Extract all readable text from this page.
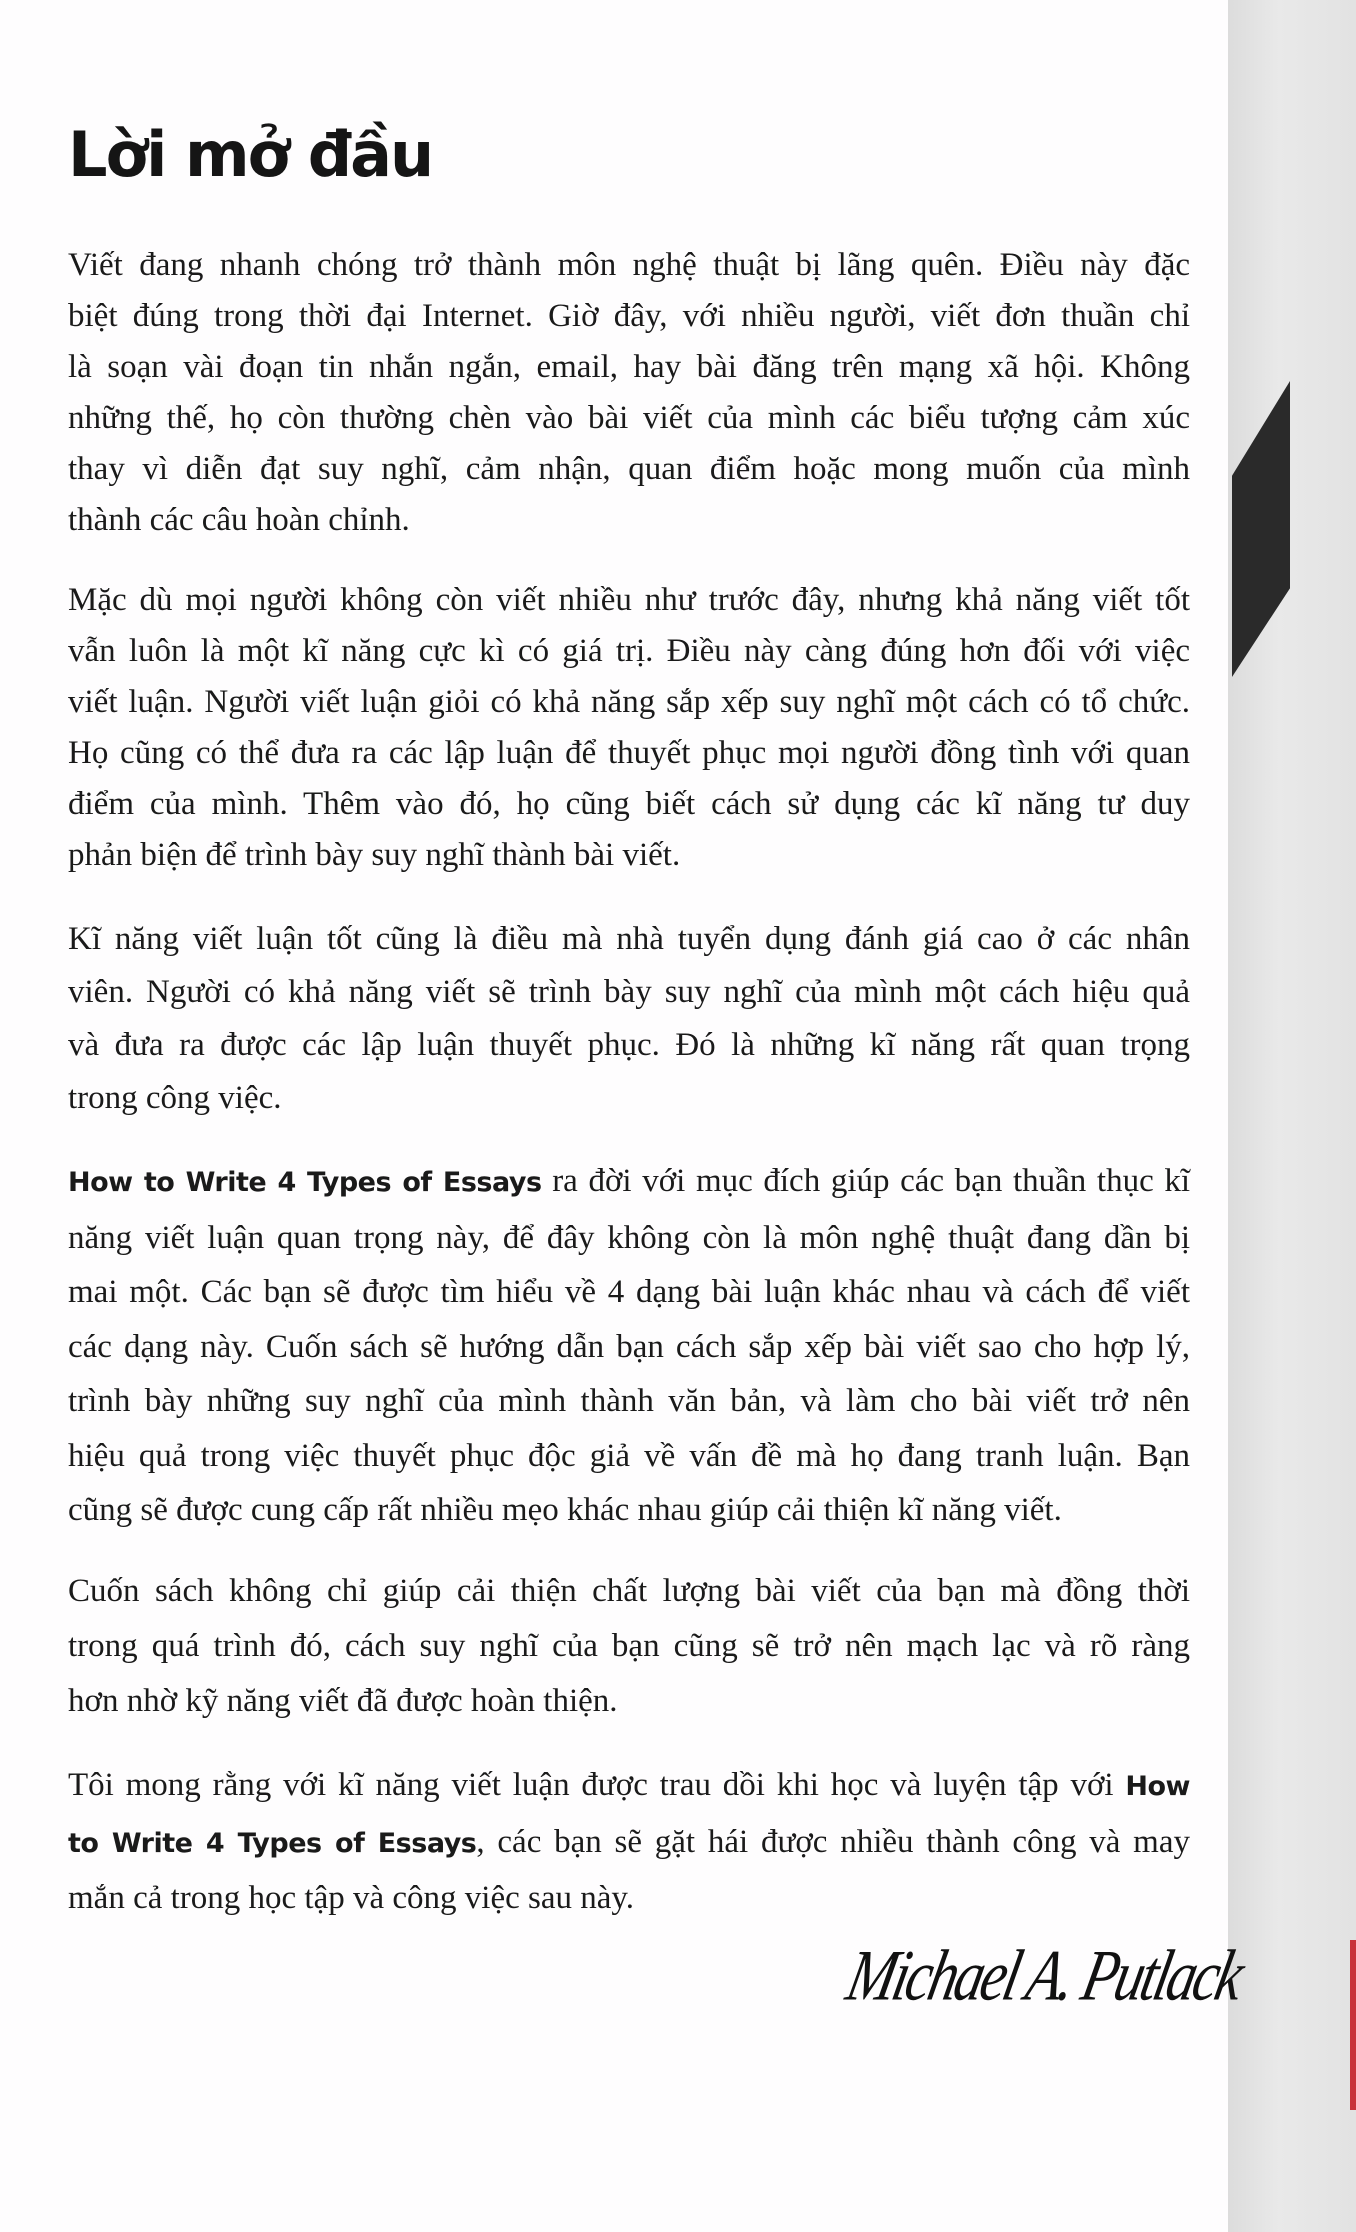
Lời mở đầu
Viết đang nhanh chóng trở thành môn nghệ thuật bị lãng quên. Điều này đặc
biệt đúng trong thời đại Internet. Giờ đây, với nhiều người, viết đơn thuần chỉ
là soạn vài đoạn tin nhắn ngắn, email, hay bài đăng trên mạng xã hội. Không
những thế, họ còn thường chèn vào bài viết của mình các biểu tượng cảm xúc
thay vì diễn đạt suy nghĩ, cảm nhận, quan điểm hoặc mong muốn của mình
thành các câu hoàn chỉnh.
Mặc dù mọi người không còn viết nhiều như trước đây, nhưng khả năng viết tốt
vẫn luôn là một kĩ năng cực kì có giá trị. Điều này càng đúng hơn đối với việc
viết luận. Người viết luận giỏi có khả năng sắp xếp suy nghĩ một cách có tổ chức.
Họ cũng có thể đưa ra các lập luận để thuyết phục mọi người đồng tình với quan
điểm của mình. Thêm vào đó, họ cũng biết cách sử dụng các kĩ năng tư duy
phản biện để trình bày suy nghĩ thành bài viết.
Kĩ năng viết luận tốt cũng là điều mà nhà tuyển dụng đánh giá cao ở các nhân
viên. Người có khả năng viết sẽ trình bày suy nghĩ của mình một cách hiệu quả
và đưa ra được các lập luận thuyết phục. Đó là những kĩ năng rất quan trọng
trong công việc.
How to Write 4 Types of Essays ra đời với mục đích giúp các bạn thuần thục kĩ
năng viết luận quan trọng này, để đây không còn là môn nghệ thuật đang dần bị
mai một. Các bạn sẽ được tìm hiểu về 4 dạng bài luận khác nhau và cách để viết
các dạng này. Cuốn sách sẽ hướng dẫn bạn cách sắp xếp bài viết sao cho hợp lý,
trình bày những suy nghĩ của mình thành văn bản, và làm cho bài viết trở nên
hiệu quả trong việc thuyết phục độc giả về vấn đề mà họ đang tranh luận. Bạn
cũng sẽ được cung cấp rất nhiều mẹo khác nhau giúp cải thiện kĩ năng viết.
Cuốn sách không chỉ giúp cải thiện chất lượng bài viết của bạn mà đồng thời
trong quá trình đó, cách suy nghĩ của bạn cũng sẽ trở nên mạch lạc và rõ ràng
hơn nhờ kỹ năng viết đã được hoàn thiện.
Tôi mong rằng với kĩ năng viết luận được trau dồi khi học và luyện tập với How
to Write 4 Types of Essays, các bạn sẽ gặt hái được nhiều thành công và may
mắn cả trong học tập và công việc sau này.
Michael A. Putlack
